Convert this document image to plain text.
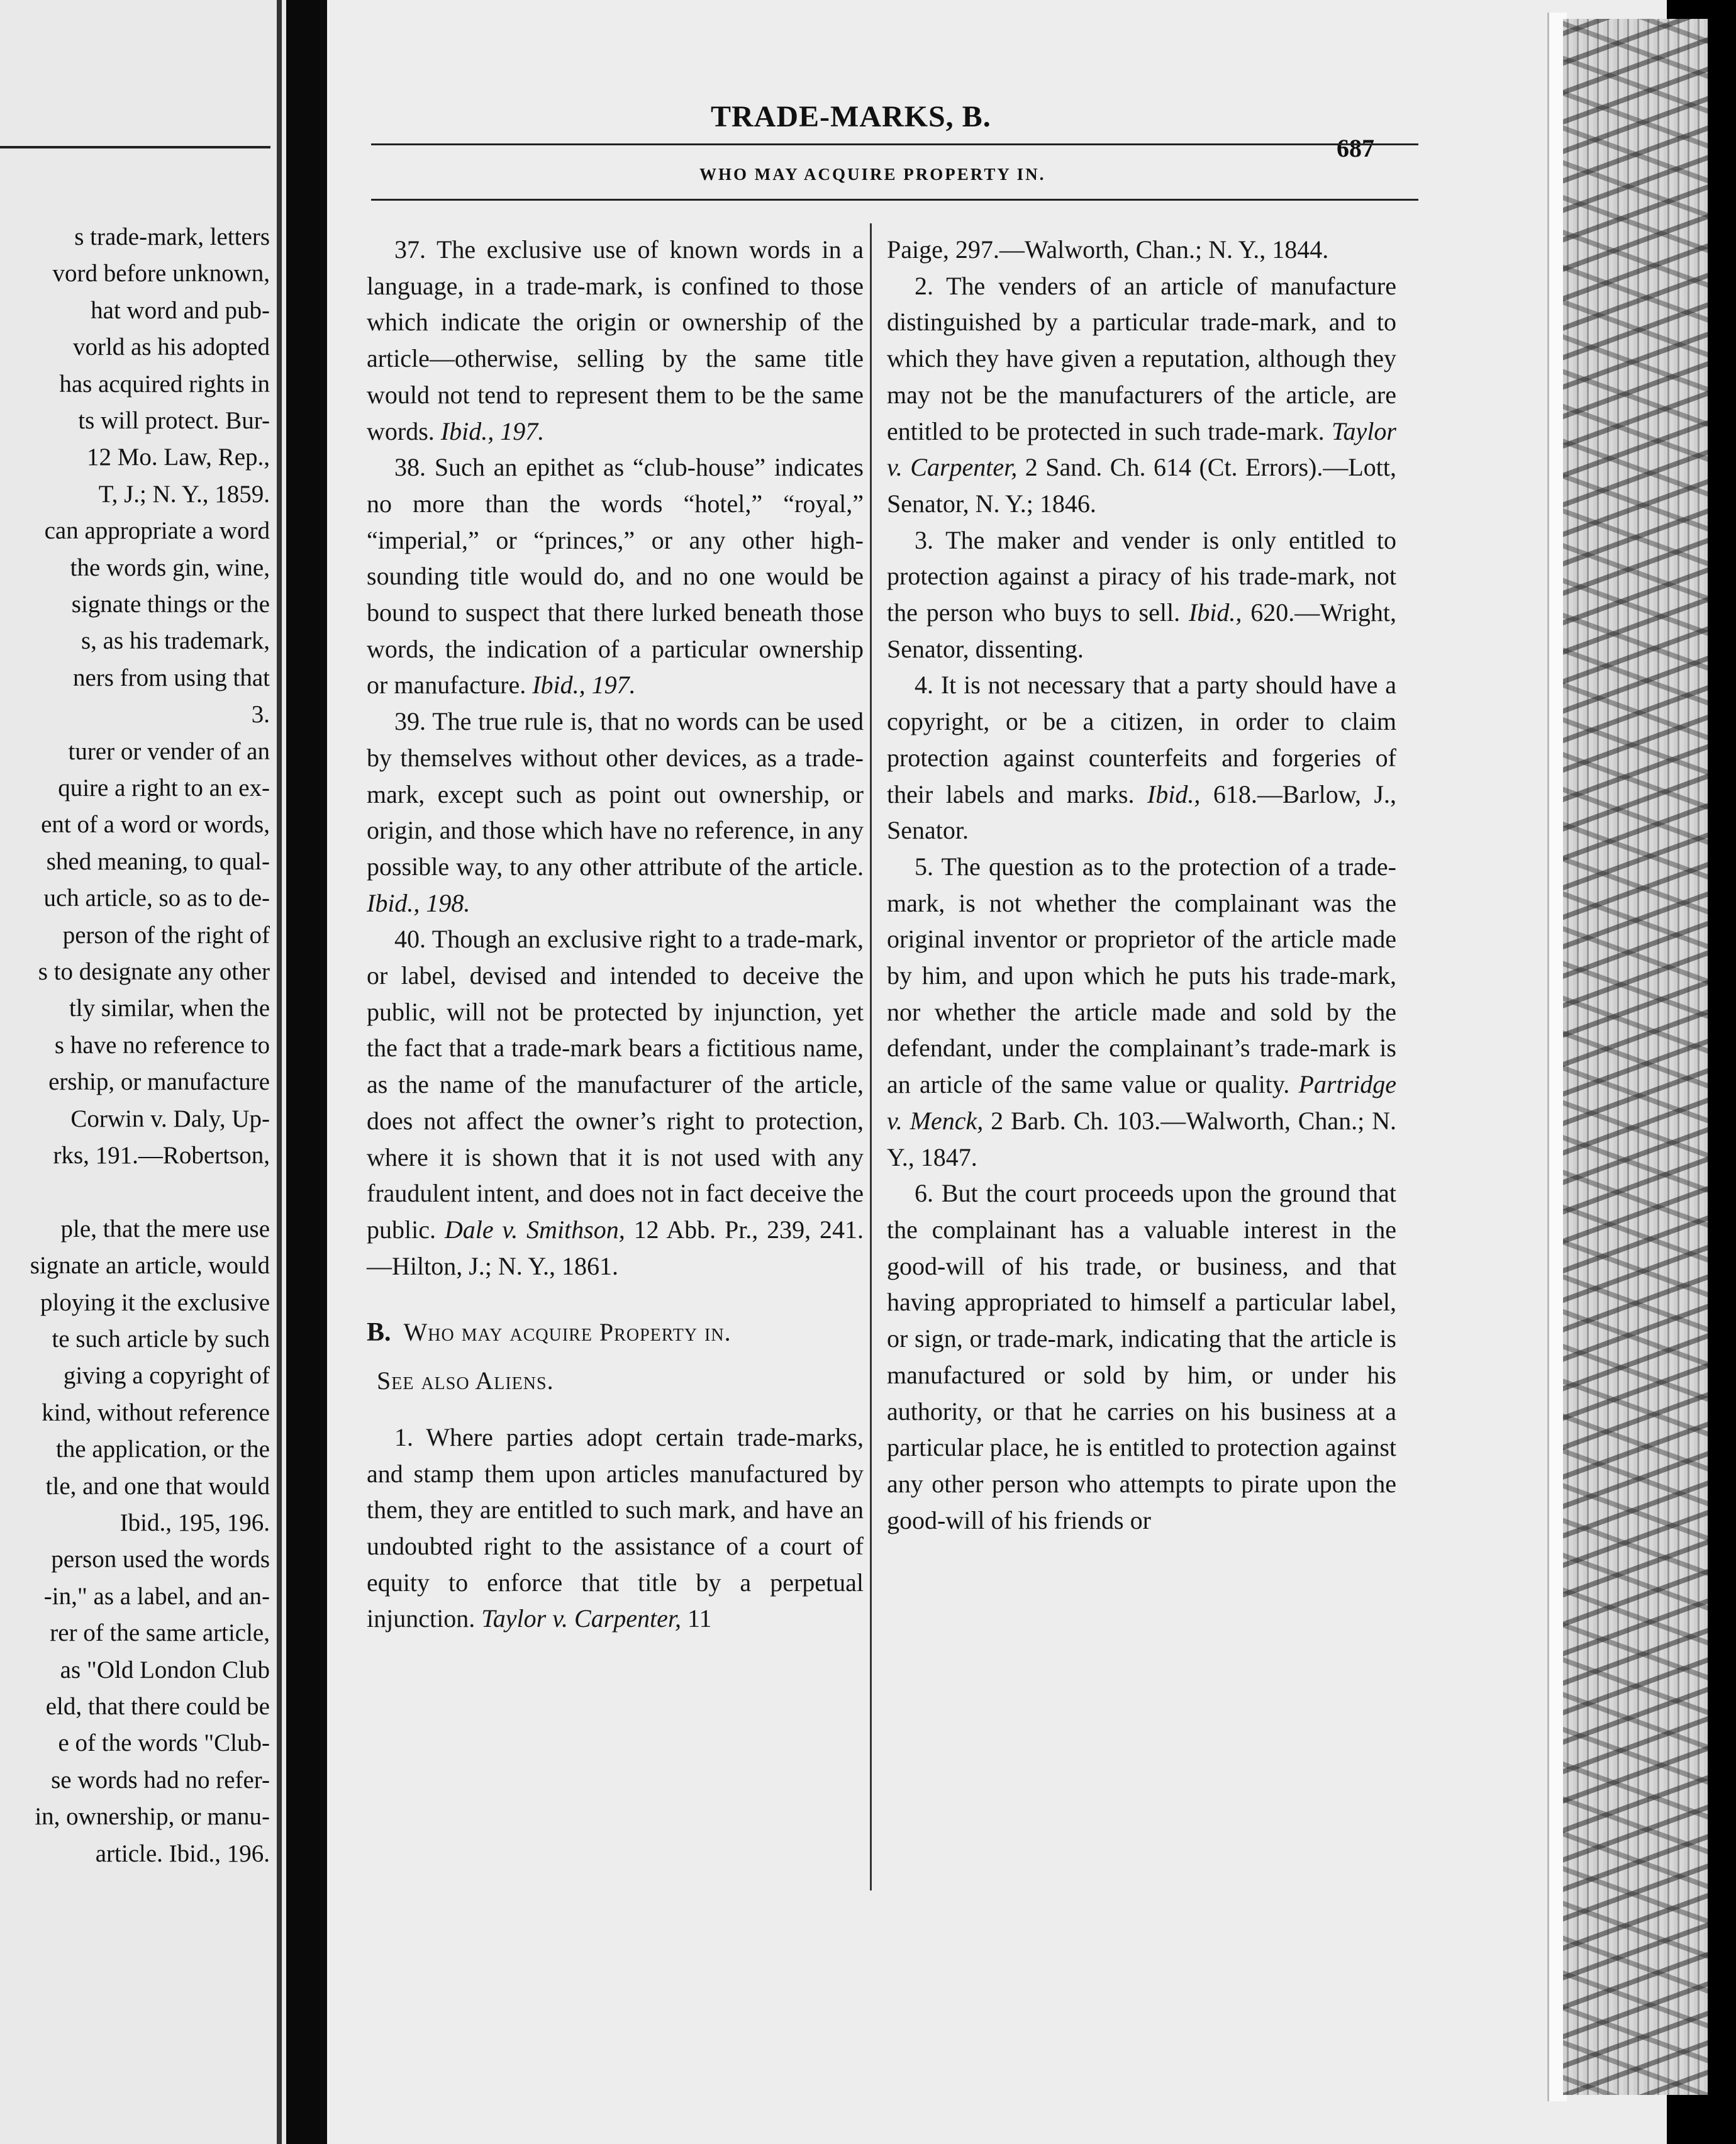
s trade-mark, letters
vord before unknown,
hat word and pub-
vorld as his adopted
has acquired rights in
ts will protect. Bur-
12 Mo. Law, Rep.,
T, J.; N. Y., 1859.
can appropriate a word
the words gin, wine,
signate things or the
s, as his trademark,
ners from using that
3.
turer or vender of an
quire a right to an ex-
ent of a word or words,
shed meaning, to qual-
uch article, so as to de-
person of the right of
s to designate any other
tly similar, when the
s have no reference to
ership, or manufacture
Corwin v. Daly, Up-
rks, 191.—Robertson,
ple, that the mere use
signate an article, would
ploying it the exclusive
te such article by such
giving a copyright of
kind, without reference
the application, or the
tle, and one that would
Ibid., 195, 196.
person used the words
-in," as a label, and an-
rer of the same article,
as "Old London Club
eld, that there could be
e of the words "Club-
se words had no refer-
in, ownership, or manu-
article. Ibid., 196.
TRADE-MARKS, B.
687
WHO MAY ACQUIRE PROPERTY IN.

37. The exclusive use of known words in a language, in a trade-mark, is confined to those which indicate the origin or ownership of the article—otherwise, selling by the same title would not tend to represent them to be the same words. Ibid., 197.

38. Such an epithet as “club-house” indicates no more than the words “hotel,” “royal,” “imperial,” or “princes,” or any other high-sounding title would do, and no one would be bound to suspect that there lurked beneath those words, the indication of a particular ownership or manufacture. Ibid., 197.

39. The true rule is, that no words can be used by themselves without other devices, as a trade-mark, except such as point out ownership, or origin, and those which have no reference, in any possible way, to any other attribute of the article. Ibid., 198.

40. Though an exclusive right to a trade-mark, or label, devised and intended to deceive the public, will not be protected by injunction, yet the fact that a trade-mark bears a fictitious name, as the name of the manufacturer of the article, does not affect the owner’s right to protection, where it is shown that it is not used with any fraudulent intent, and does not in fact deceive the public. Dale v. Smithson, 12 Abb. Pr., 239, 241. —Hilton, J.; N. Y., 1861.

B. Who may acquire Property in.

See also Aliens.

1. Where parties adopt certain trade-marks, and stamp them upon articles manufactured by them, they are entitled to such mark, and have an undoubted right to the assistance of a court of equity to enforce that title by a perpetual injunction. Taylor v. Carpenter, 11

Paige, 297.—Walworth, Chan.; N. Y., 1844.

2. The venders of an article of manufacture distinguished by a particular trade-mark, and to which they have given a reputation, although they may not be the manufacturers of the article, are entitled to be protected in such trade-mark. Taylor v. Carpenter, 2 Sand. Ch. 614 (Ct. Errors).—Lott, Senator, N. Y.; 1846.

3. The maker and vender is only entitled to protection against a piracy of his trade-mark, not the person who buys to sell. Ibid., 620.—Wright, Senator, dissenting.

4. It is not necessary that a party should have a copyright, or be a citizen, in order to claim protection against counterfeits and forgeries of their labels and marks. Ibid., 618.—Barlow, J., Senator.

5. The question as to the protection of a trade-mark, is not whether the complainant was the original inventor or proprietor of the article made by him, and upon which he puts his trade-mark, nor whether the article made and sold by the defendant, under the complainant’s trade-mark is an article of the same value or quality. Partridge v. Menck, 2 Barb. Ch. 103.—Walworth, Chan.; N. Y., 1847.

6. But the court proceeds upon the ground that the complainant has a valuable interest in the good-will of his trade, or business, and that having appropriated to himself a particular label, or sign, or trade-mark, indicating that the article is manufactured or sold by him, or under his authority, or that he carries on his business at a particular place, he is entitled to protection against any other person who attempts to pirate upon the good-will of his friends or
